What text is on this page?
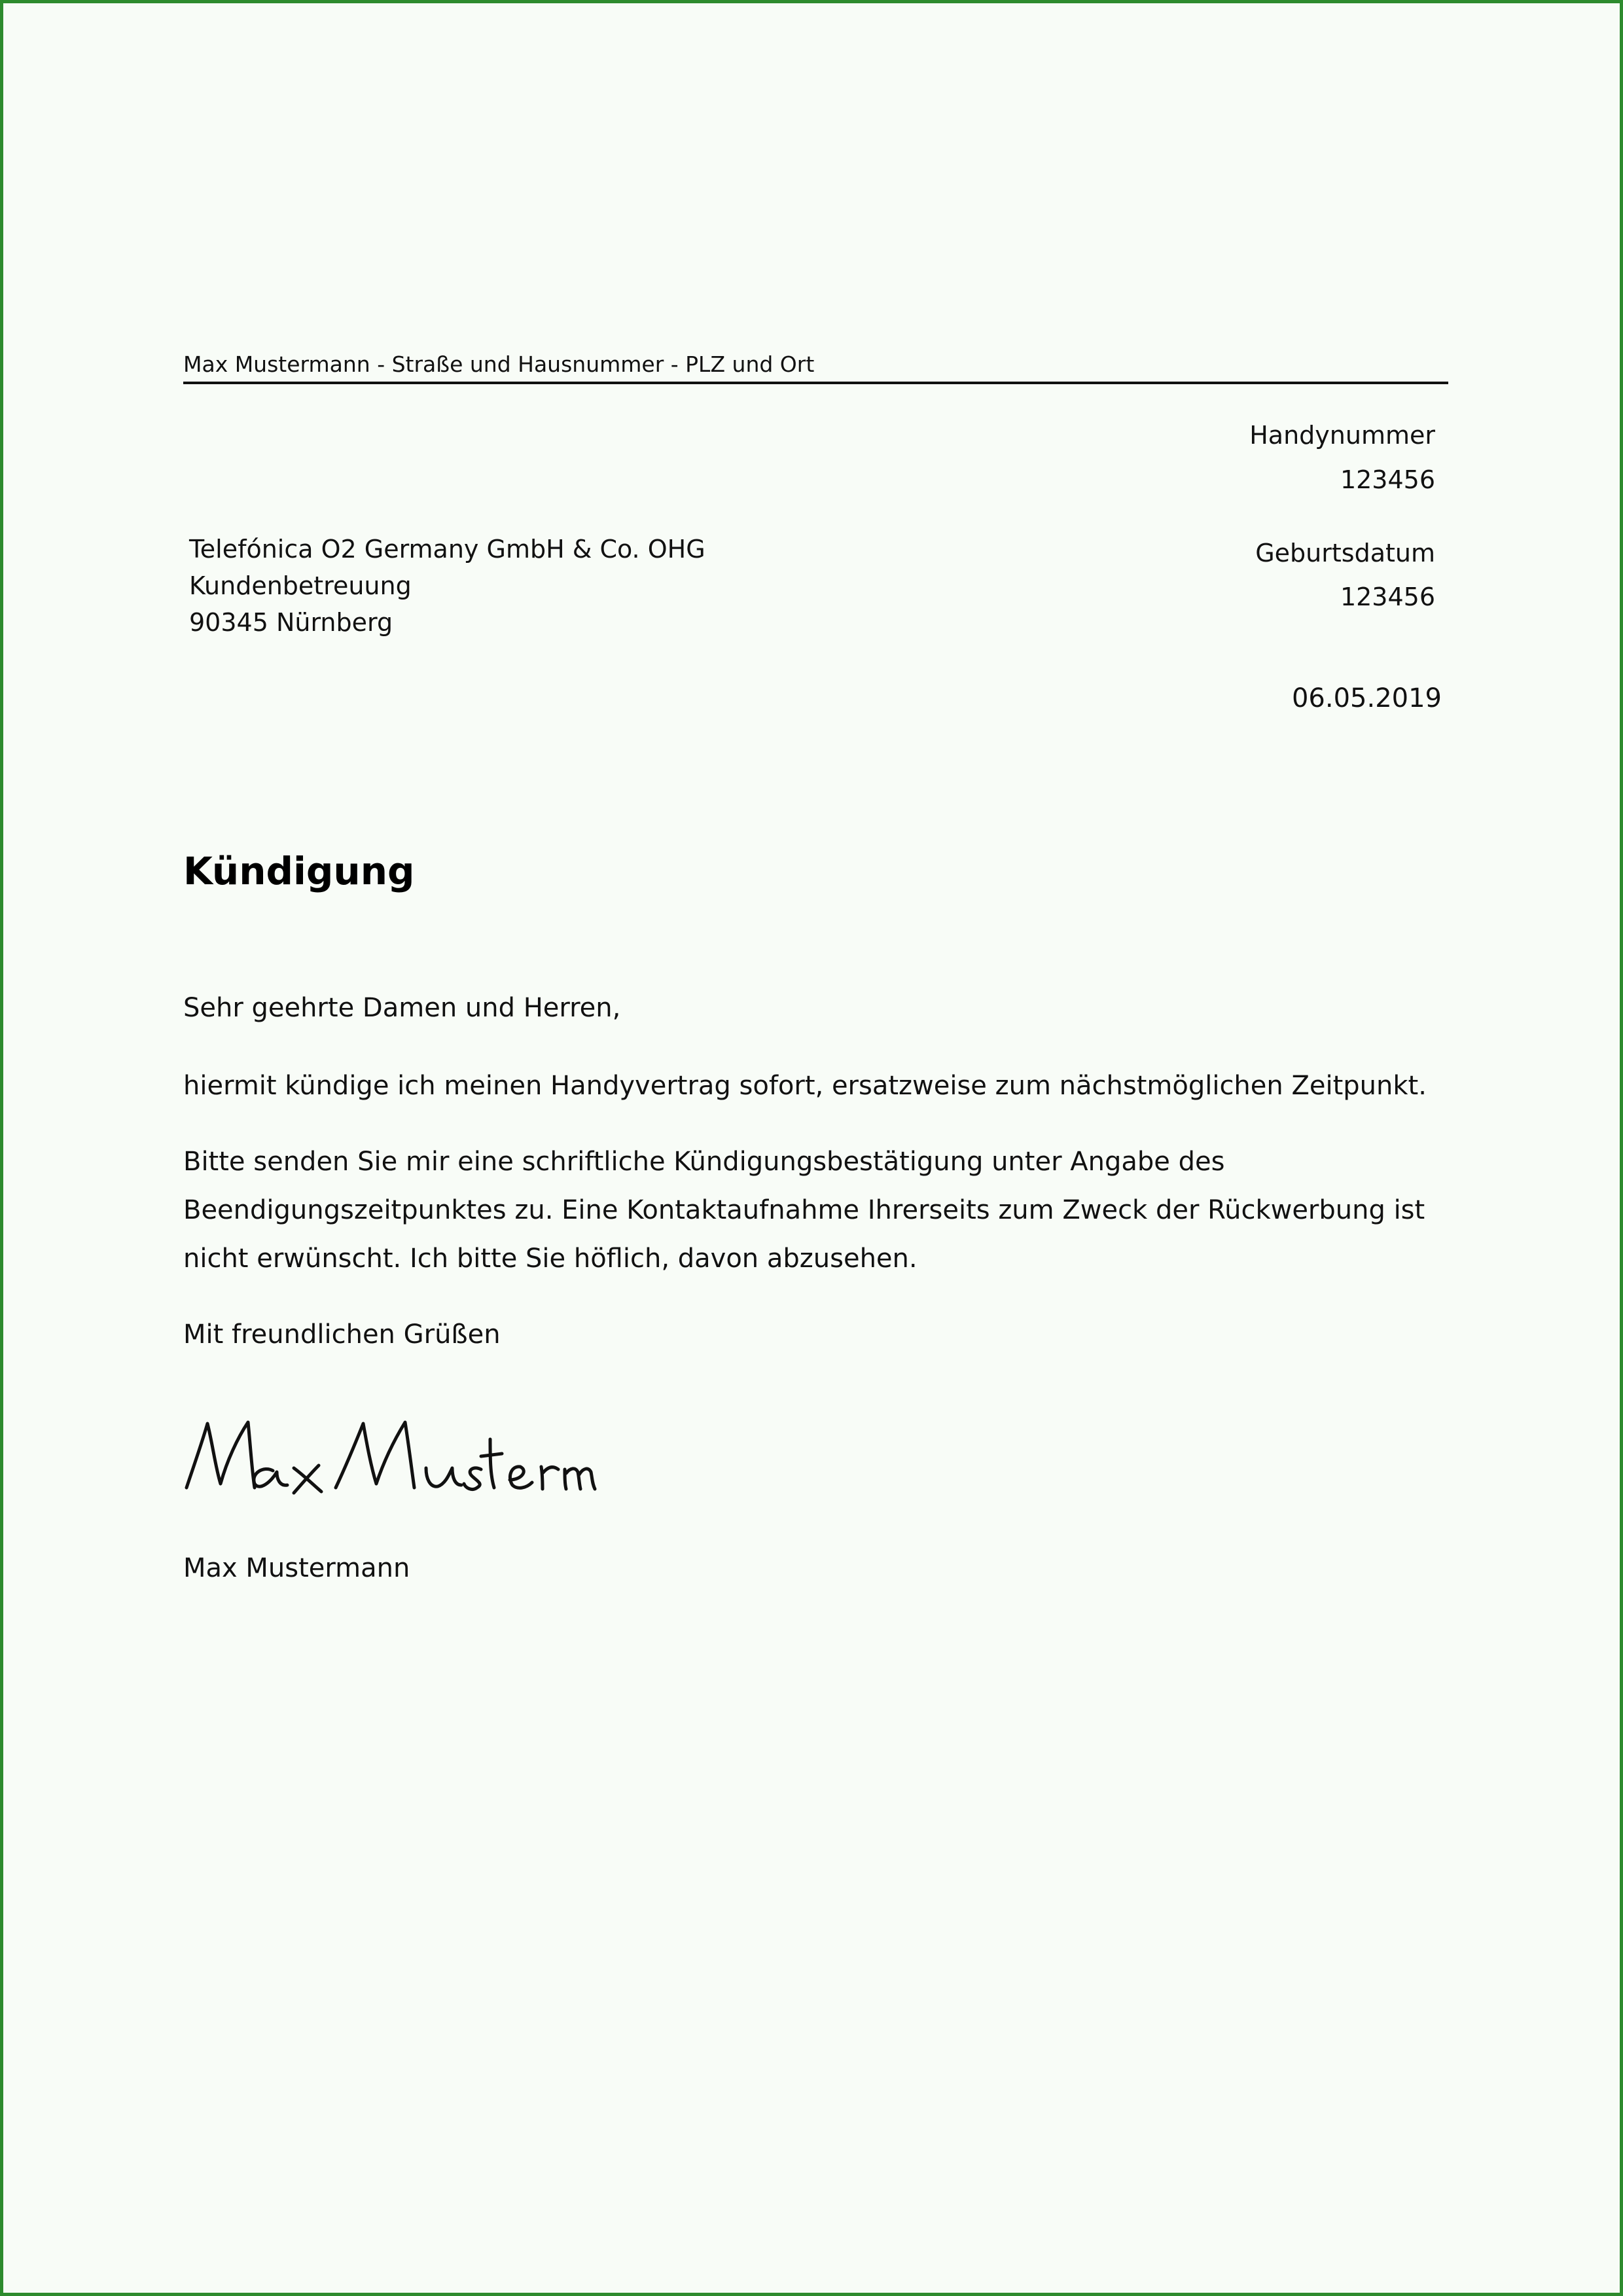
Max Mustermann - Straße und Hausnummer - PLZ und Ort
Telefónica O2 Germany GmbH & Co. OHG
Kundenbetreuung
90345 Nürnberg
Handynummer
123456
Geburtsdatum
123456
06.05.2019
Kündigung
Sehr geehrte Damen und Herren,
hiermit kündige ich meinen Handyvertrag sofort, ersatzweise zum nächstmöglichen Zeitpunkt.
Bitte senden Sie mir eine schriftliche Kündigungsbestätigung unter Angabe des Beendigungszeitpunktes zu. Eine Kontaktaufnahme Ihrerseits zum Zweck der Rückwerbung ist nicht erwünscht. Ich bitte Sie höflich, davon abzusehen.
Mit freundlichen Grüßen
Max Mustermann
